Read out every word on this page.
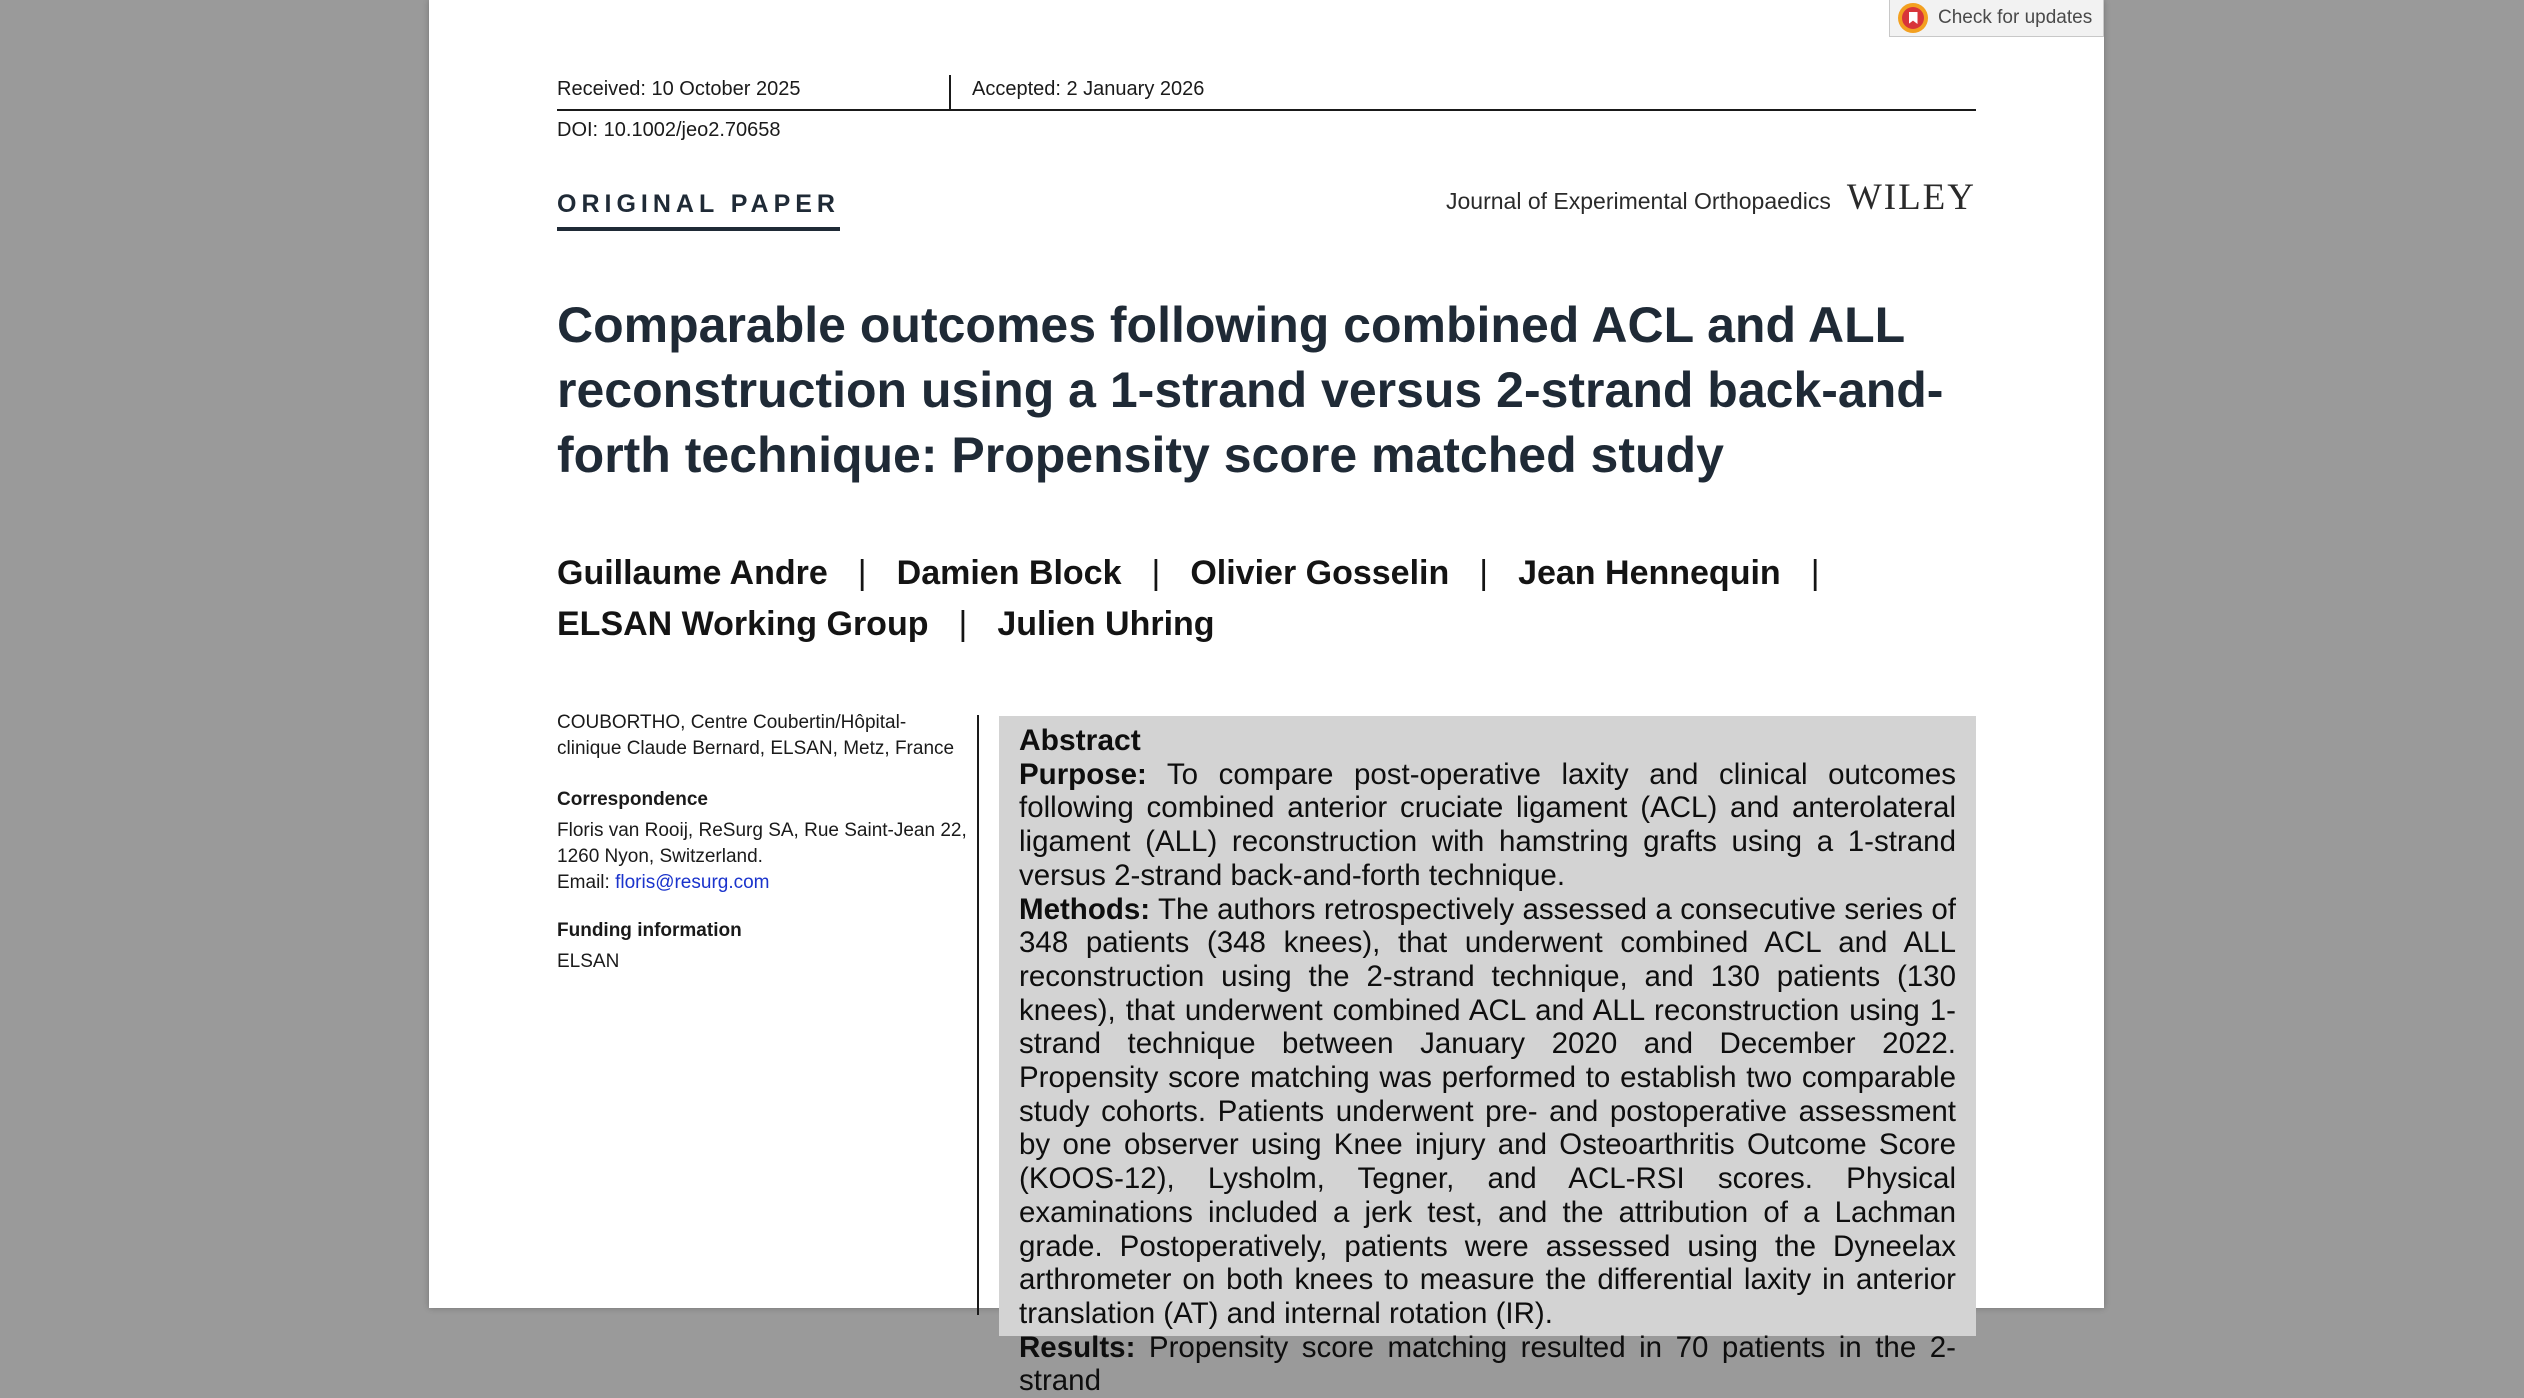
Check for updates
Received: 10 October 2025	Accepted: 2 January 2026
DOI: 10.1002/jeo2.70658
ORIGINAL PAPER	Journal of Experimental Orthopaedics WILEY
Comparable outcomes following combined ACL and ALL reconstruction using a 1-strand versus 2-strand back-and-forth technique: Propensity score matched study
Guillaume Andre | Damien Block | Olivier Gosselin | Jean Hennequin |
ELSAN Working Group | Julien Uhring
COUBORTHO, Centre Coubertin/Hôpital-clinique Claude Bernard, ELSAN, Metz, France
Correspondence
Floris van Rooij, ReSurg SA, Rue Saint-Jean 22, 1260 Nyon, Switzerland.
Email: floris@resurg.com
Funding information
ELSAN
Abstract

Purpose: To compare post-operative laxity and clinical outcomes following combined anterior cruciate ligament (ACL) and anterolateral ligament (ALL) reconstruction with hamstring grafts using a 1-strand versus 2-strand back-and-forth technique.

Methods: The authors retrospectively assessed a consecutive series of 348 patients (348 knees), that underwent combined ACL and ALL reconstruction using the 2-strand technique, and 130 patients (130 knees), that underwent combined ACL and ALL reconstruction using 1-strand technique between January 2020 and December 2022. Propensity score matching was performed to establish two comparable study cohorts. Patients underwent pre- and postoperative assessment by one observer using Knee injury and Osteoarthritis Outcome Score (KOOS-12), Lysholm, Tegner, and ACL-RSI scores. Physical examinations included a jerk test, and the attribution of a Lachman grade. Postoperatively, patients were assessed using the Dyneelax arthrometer on both knees to measure the differential laxity in anterior translation (AT) and internal rotation (IR).

Results: Propensity score matching resulted in 70 patients in the 2-strand
